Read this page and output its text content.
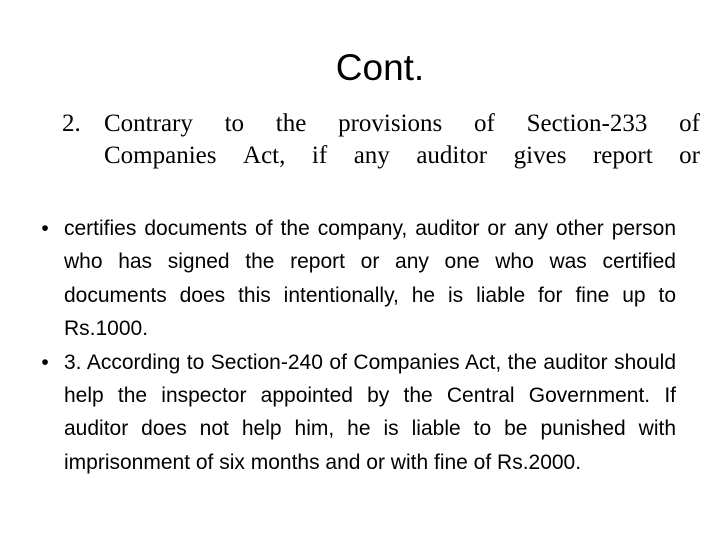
Cont.
2. Contrary to the provisions of Section-233 of
Companies Act, if any auditor gives report or
• certifies documents of the company, auditor or any other person who has signed the report or any one who was certified documents does this intentionally, he is liable for fine up to Rs.1000.
• 3. According to Section-240 of Companies Act, the auditor should help the inspector appointed by the Central Government. If auditor does not help him, he is liable to be punished with imprisonment of six months and or with fine of Rs.2000.
